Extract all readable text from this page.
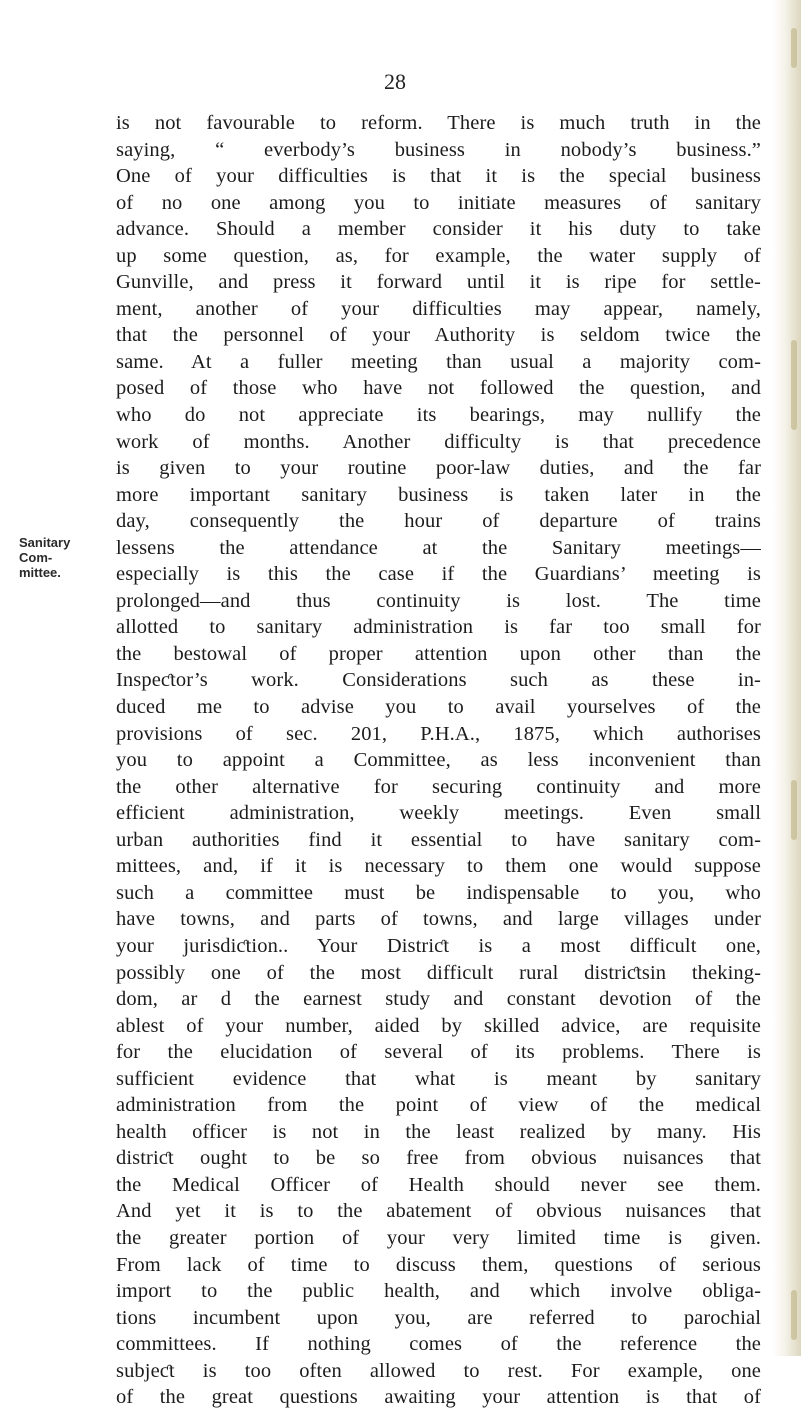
28
Sanitary Com-
mittee.
is not favourable to reform. There is much truth in the
saying, “ everbody’s business in nobody’s business.”
One of your difficulties is that it is the special business
of no one among you to initiate measures of sanitary
advance. Should a member consider it his duty to take
up some question, as, for example, the water supply of
Gunville, and press it forward until it is ripe for settle-
ment, another of your difficulties may appear, namely,
that the personnel of your Authority is seldom twice the
same. At a fuller meeting than usual a majority com-
posed of those who have not followed the question, and
who do not appreciate its bearings, may nullify the
work of months. Another difficulty is that precedence
is given to your routine poor-law duties, and the far
more important sanitary business is taken later in the
day, consequently the hour of departure of trains
lessens the attendance at the Sanitary meetings—
especially is this the case if the Guardians’ meeting is
prolonged—and thus continuity is lost. The time
allotted to sanitary administration is far too small for
the bestowal of proper attention upon other than the
Inspeƈtor’s work. Considerations such as these in-
duced me to advise you to avail yourselves of the
provisions of sec. 201, P.H.A., 1875, which authorises
you to appoint a Committee, as less inconvenient than
the other alternative for securing continuity and more
efficient administration, weekly meetings. Even small
urban authorities find it essential to have sanitary com-
mittees, and, if it is necessary to them one would suppose
such a committee must be indispensable to you, who
have towns, and parts of towns, and large villages under
your jurisdiƈtion.. Your Distriƈt is a most difficult one,
possibly one of the most difficult rural distriƈtsin theking-
dom, ar d the earnest study and constant devotion of the
ablest of your number, aided by skilled advice, are requisite
for the elucidation of several of its problems. There is
sufficient evidence that what is meant by sanitary
administration from the point of view of the medical
health officer is not in the least realized by many. His
distriƈt ought to be so free from obvious nuisances that
the Medical Officer of Health should never see them.
And yet it is to the abatement of obvious nuisances that
the greater portion of your very limited time is given.
From lack of time to discuss them, questions of serious
import to the public health, and which involve obliga-
tions incumbent upon you, are referred to parochial
committees. If nothing comes of the reference the
subjeƈt is too often allowed to rest. For example, one
of the great questions awaiting your attention is that of
